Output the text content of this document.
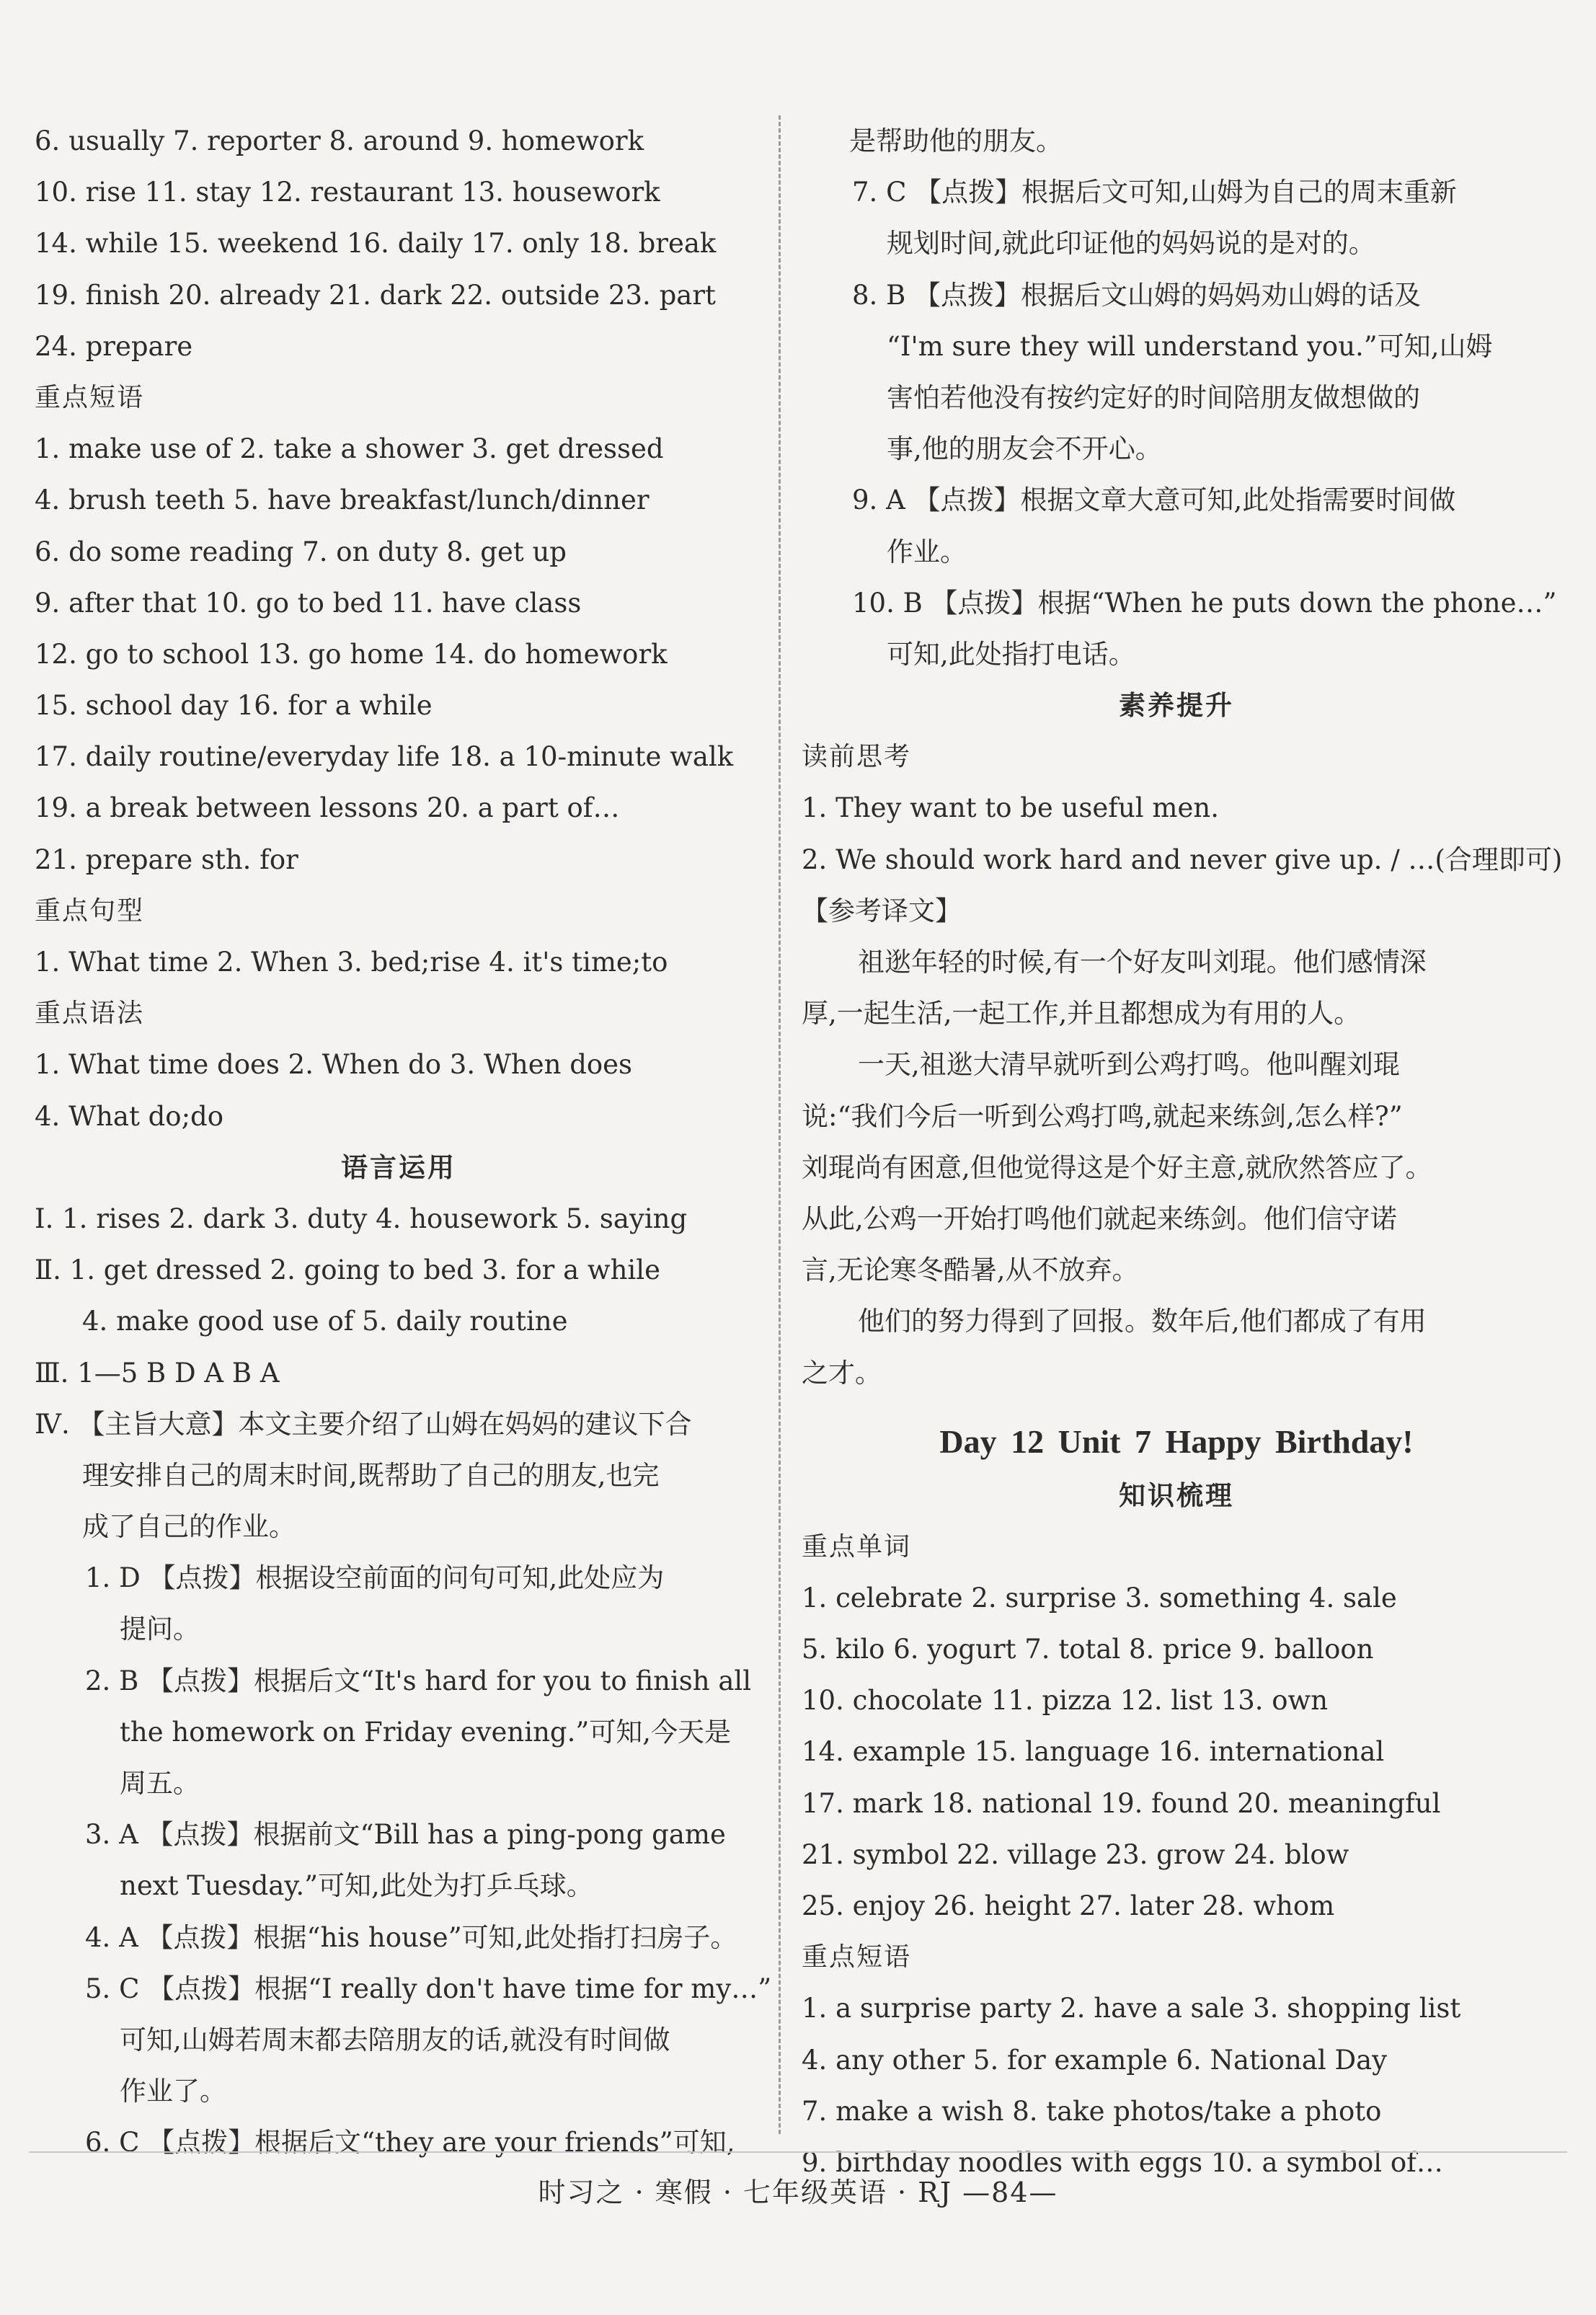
6. usually 7. reporter 8. around 9. homework
10. rise 11. stay 12. restaurant 13. housework
14. while 15. weekend 16. daily 17. only 18. break
19. finish 20. already 21. dark 22. outside 23. part
24. prepare
重点短语
1. make use of 2. take a shower 3. get dressed
4. brush teeth 5. have breakfast/lunch/dinner
6. do some reading 7. on duty 8. get up
9. after that 10. go to bed 11. have class
12. go to school 13. go home 14. do homework
15. school day 16. for a while
17. daily routine/everyday life 18. a 10-minute walk
19. a break between lessons 20. a part of…
21. prepare sth. for
重点句型
1. What time 2. When 3. bed;rise 4. it's time;to
重点语法
1. What time does 2. When do 3. When does
4. What do;do
语言运用
Ⅰ. 1. rises 2. dark 3. duty 4. housework 5. saying
Ⅱ. 1. get dressed 2. going to bed 3. for a while
4. make good use of 5. daily routine
Ⅲ. 1—5 B D A B A
Ⅳ. 【主旨大意】本文主要介绍了山姆在妈妈的建议下合
理安排自己的周末时间,既帮助了自己的朋友,也完
成了自己的作业。
1. D 【点拨】根据设空前面的问句可知,此处应为
提问。
2. B 【点拨】根据后文“It's hard for you to finish all
the homework on Friday evening.”可知,今天是
周五。
3. A 【点拨】根据前文“Bill has a ping-pong game
next Tuesday.”可知,此处为打乒乓球。
4. A 【点拨】根据“his house”可知,此处指打扫房子。
5. C 【点拨】根据“I really don't have time for my…”
可知,山姆若周末都去陪朋友的话,就没有时间做
作业了。
6. C 【点拨】根据后文“they are your friends”可知,
是帮助他的朋友。
7. C 【点拨】根据后文可知,山姆为自己的周末重新
规划时间,就此印证他的妈妈说的是对的。
8. B 【点拨】根据后文山姆的妈妈劝山姆的话及
“I'm sure they will understand you.”可知,山姆
害怕若他没有按约定好的时间陪朋友做想做的
事,他的朋友会不开心。
9. A 【点拨】根据文章大意可知,此处指需要时间做
作业。
10. B 【点拨】根据“When he puts down the phone…”
可知,此处指打电话。
素养提升
读前思考
1. They want to be useful men.
2. We should work hard and never give up. / …(合理即可)
【参考译文】
祖逖年轻的时候,有一个好友叫刘琨。他们感情深
厚,一起生活,一起工作,并且都想成为有用的人。
一天,祖逖大清早就听到公鸡打鸣。他叫醒刘琨
说:“我们今后一听到公鸡打鸣,就起来练剑,怎么样?”
刘琨尚有困意,但他觉得这是个好主意,就欣然答应了。
从此,公鸡一开始打鸣他们就起来练剑。他们信守诺
言,无论寒冬酷暑,从不放弃。
他们的努力得到了回报。数年后,他们都成了有用
之才。
Day 12 Unit 7 Happy Birthday!
知识梳理
重点单词
1. celebrate 2. surprise 3. something 4. sale
5. kilo 6. yogurt 7. total 8. price 9. balloon
10. chocolate 11. pizza 12. list 13. own
14. example 15. language 16. international
17. mark 18. national 19. found 20. meaningful
21. symbol 22. village 23. grow 24. blow
25. enjoy 26. height 27. later 28. whom
重点短语
1. a surprise party 2. have a sale 3. shopping list
4. any other 5. for example 6. National Day
7. make a wish 8. take photos/take a photo
9. birthday noodles with eggs 10. a symbol of…
时习之 · 寒假 · 七年级英语 · RJ —84—
